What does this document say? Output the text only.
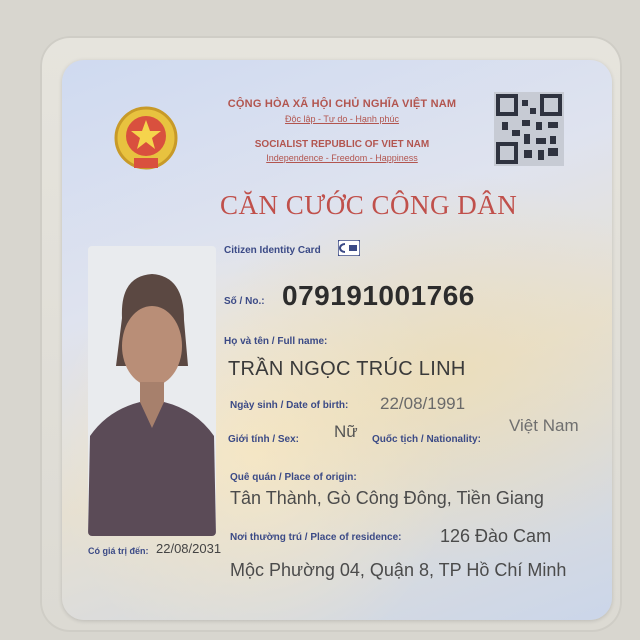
CỘNG HÒA XÃ HỘI CHỦ NGHĨA VIỆT NAM
Độc lập - Tự do - Hạnh phúc
SOCIALIST REPUBLIC OF VIET NAM
Independence - Freedom - Happiness
CĂN CƯỚC CÔNG DÂN
Citizen Identity Card
Có giá trị đến: 22/08/2031
Số / No.: 079191001766
Họ và tên / Full name:
TRẦN NGỌC TRÚC LINH
Ngày sinh / Date of birth: 22/08/1991
Giới tính / Sex: Nữ Quốc tịch / Nationality:
Việt Nam
Quê quán / Place of origin:
Tân Thành, Gò Công Đông, Tiền Giang
Nơi thường trú / Place of residence: 126 Đào Cam
Mộc Phường 04, Quận 8, TP Hồ Chí Minh
